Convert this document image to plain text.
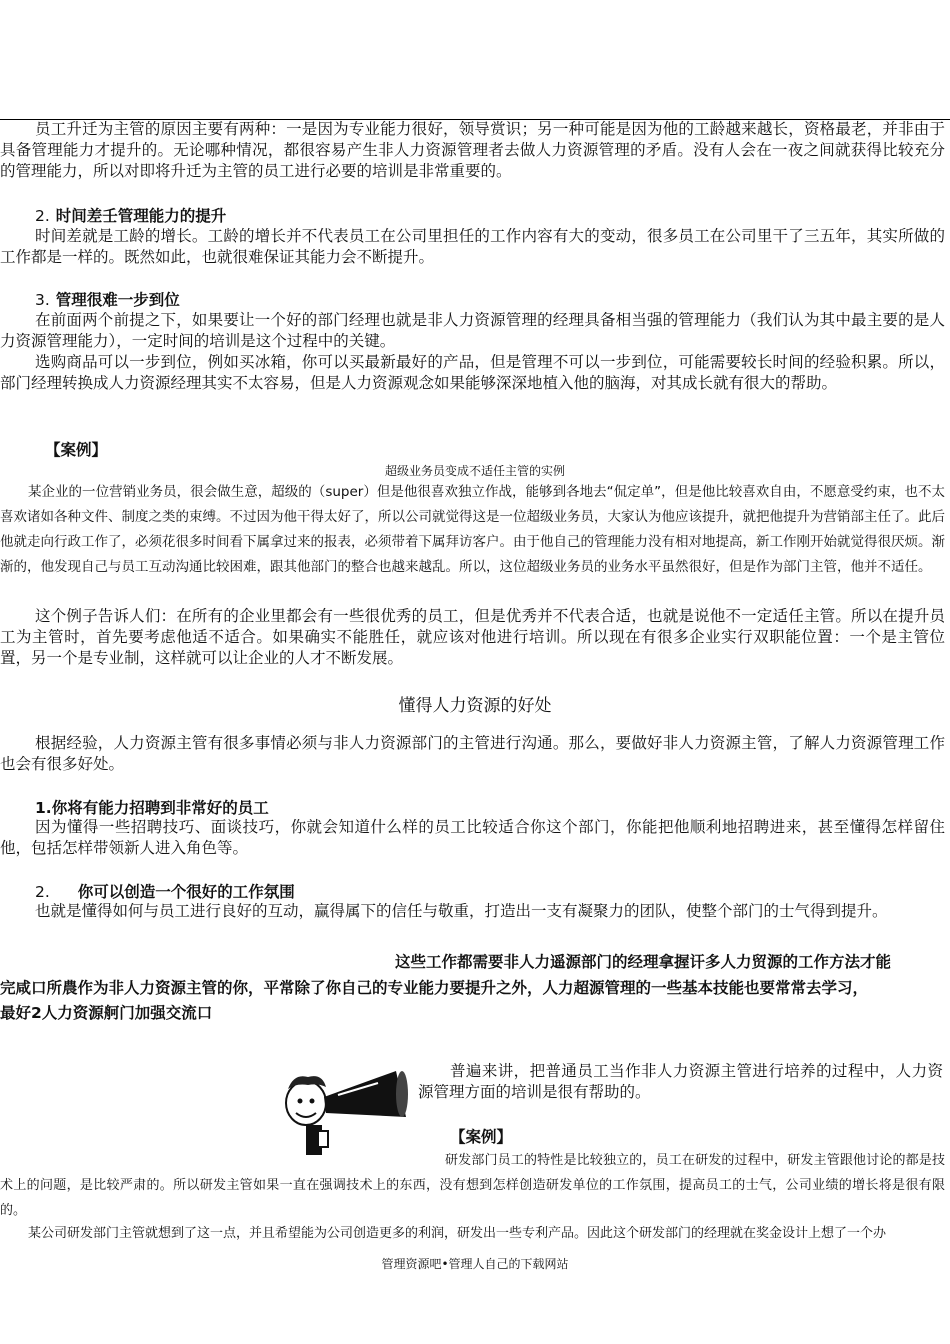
员工升迁为主管的原因主要有两种：一是因为专业能力很好，领导赏识；另一种可能是因为他的工龄越来越长，资格最老，并非由于具备管理能力才提升的。无论哪种情况，都很容易产生非人力资源管理者去做人力资源管理的矛盾。没有人会在一夜之间就获得比较充分的管理能力，所以对即将升迁为主管的员工进行必要的培训是非常重要的。

2. 时间差壬管理能力的提升

时间差就是工龄的增长。工龄的增长并不代表员工在公司里担任的工作内容有大的变动，很多员工在公司里干了三五年，其实所做的工作都是一样的。既然如此，也就很难保证其能力会不断提升。

3. 管理很难一步到位

在前面两个前提之下，如果要让一个好的部门经理也就是非人力资源管理的经理具备相当强的管理能力（我们认为其中最主要的是人力资源管理能力），一定时间的培训是这个过程中的关键。

选购商品可以一步到位，例如买冰箱，你可以买最新最好的产品，但是管理不可以一步到位，可能需要较长时间的经验积累。所以，部门经理转换成人力资源经理其实不太容易，但是人力资源观念如果能够深深地植入他的脑海，对其成长就有很大的帮助。

【案例】

超级业务员变成不适任主管的实例

某企业的一位营销业务员，很会做生意，超级的（super）但是他很喜欢独立作战，能够到各地去“侃定单”，但是他比较喜欢自由，不愿意受约束，也不太喜欢诸如各种文件、制度之类的束缚。不过因为他干得太好了，所以公司就觉得这是一位超级业务员，大家认为他应该提升，就把他提升为营销部主任了。此后他就走向行政工作了，必须花很多时间看下属拿过来的报表，必须带着下属拜访客户。由于他自己的管理能力没有相对地提高，新工作刚开始就觉得很厌烦。渐渐的，他发现自己与员工互动沟通比较困难，跟其他部门的整合也越来越乱。所以，这位超级业务员的业务水平虽然很好，但是作为部门主管，他并不适任。

这个例子告诉人们：在所有的企业里都会有一些很优秀的员工，但是优秀并不代表合适，也就是说他不一定适任主管。所以在提升员工为主管时，首先要考虑他适不适合。如果确实不能胜任，就应该对他进行培训。所以现在有很多企业实行双职能位置：一个是主管位置，另一个是专业制，这样就可以让企业的人才不断发展。

懂得人力资源的好处

根据经验，人力资源主管有很多事情必须与非人力资源部门的主管进行沟通。那么，要做好非人力资源主管，了解人力资源管理工作也会有很多好处。

1.你将有能力招聘到非常好的员工

因为懂得一些招聘技巧、面谈技巧，你就会知道什么样的员工比较适合你这个部门，你能把他顺利地招聘进来，甚至懂得怎样留住他，包括怎样带领新人进入角色等。

2. 你可以创造一个很好的工作氛围

也就是懂得如何与员工进行良好的互动，赢得属下的信任与敬重，打造出一支有凝聚力的团队，使整个部门的士气得到提升。

这些工作都需要非人力遥源部门的经理拿握讦多人力贸源的工作方法才能

完咸口所農作为非人力资源主管的你，平常除了你自己的专业能力要提升之外，人力超源管理的一些基本技能也要常常去学习，

最好2人力资源舸门加强交流口

普遍来讲，把普通员工当作非人力资源主管进行培养的过程中，人力资源管理方面的培训是很有帮助的。

【案例】

研发部门员工的特性是比较独立的，员工在研发的过程中，研发主管跟他讨论的都是技术上的问题，是比较严肃的。所以研发主管如果一直在强调技术上的东西，没有想到怎样创造研发单位的工作氛围，提高员工的士气，公司业绩的增长将是很有限的。

某公司研发部门主管就想到了这一点，并且希望能为公司创造更多的利润，研发出一些专利产品。因此这个研发部门的经理就在奖金设计上想了一个办

管理资源吧•管理人自己的下载网站
